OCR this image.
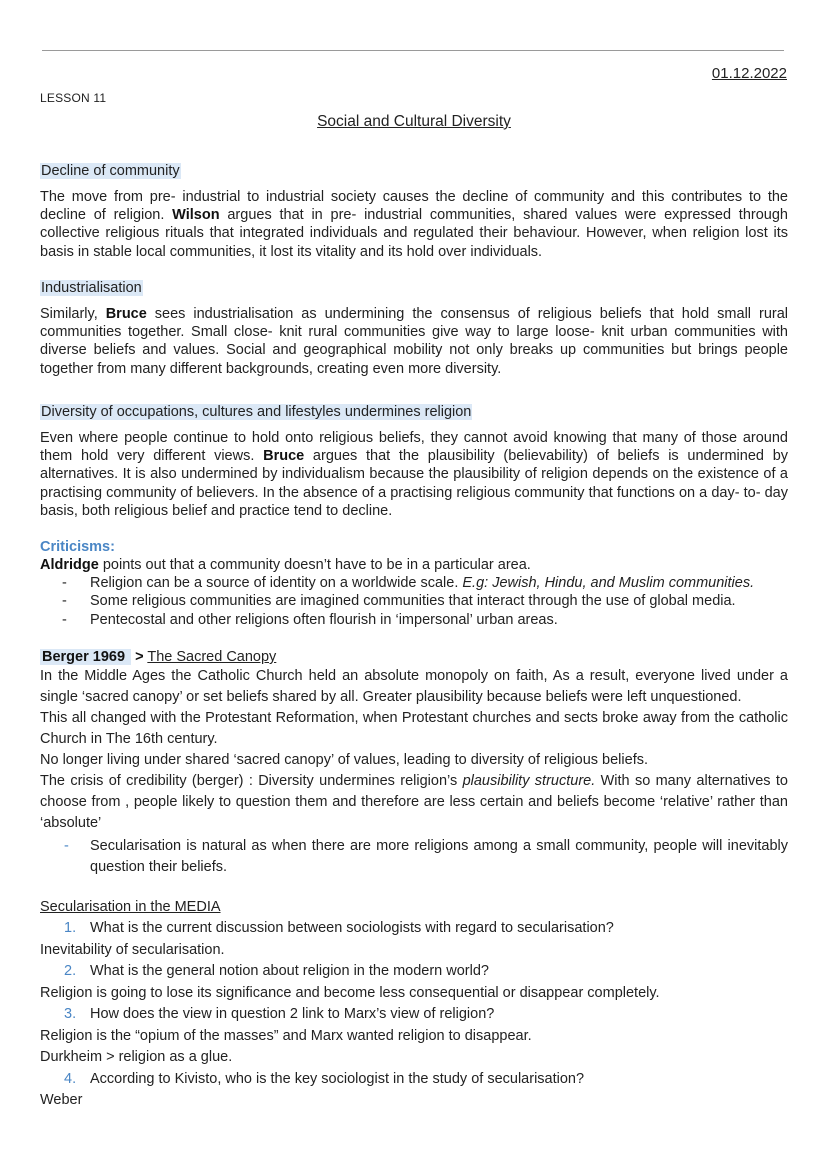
01.12.2022
LESSON 11
Social and Cultural Diversity
Decline of community
The move from pre- industrial to industrial society causes the decline of community and this contributes to the decline of religion. Wilson argues that in pre- industrial communities, shared values were expressed through collective religious rituals that integrated individuals and regulated their behaviour. However, when religion lost its basis in stable local communities, it lost its vitality and its hold over individuals.
Industrialisation
Similarly, Bruce sees industrialisation as undermining the consensus of religious beliefs that hold small rural communities together. Small close- knit rural communities give way to large loose- knit urban communities with diverse beliefs and values. Social and geographical mobility not only breaks up communities but brings people together from many different backgrounds, creating even more diversity.
Diversity of occupations, cultures and lifestyles undermines religion
Even where people continue to hold onto religious beliefs, they cannot avoid knowing that many of those around them hold very different views. Bruce argues that the plausibility (believability) of beliefs is undermined by alternatives. It is also undermined by individualism because the plausibility of religion depends on the existence of a practising community of believers. In the absence of a practising religious community that functions on a day- to- day basis, both religious belief and practice tend to decline.
Criticisms:
Aldridge points out that a community doesn’t have to be in a particular area.
- Religion can be a source of identity on a worldwide scale. E.g: Jewish, Hindu, and Muslim communities.
- Some religious communities are imagined communities that interact through the use of global media.
- Pentecostal and other religions often flourish in ‘impersonal’ urban areas.
Berger 1969 > The Sacred Canopy
In the Middle Ages the Catholic Church held an absolute monopoly on faith, As a result, everyone lived under a single ‘sacred canopy’ or set beliefs shared by all. Greater plausibility because beliefs were left unquestioned.
This all changed with the Protestant Reformation, when Protestant churches and sects broke away from the catholic Church in The 16th century.
No longer living under shared ‘sacred canopy’ of values, leading to diversity of religious beliefs.
The crisis of credibility (berger) : Diversity undermines religion’s plausibility structure. With so many alternatives to choose from , people likely to question them and therefore are less certain and beliefs become ‘relative’ rather than ‘absolute’
- Secularisation is natural as when there are more religions among a small community, people will inevitably question their beliefs.
Secularisation in the MEDIA
1. What is the current discussion between sociologists with regard to secularisation?
Inevitability of secularisation.
2. What is the general notion about religion in the modern world?
Religion is going to lose its significance and become less consequential or disappear completely.
3. How does the view in question 2 link to Marx’s view of religion?
Religion is the “opium of the masses” and Marx wanted religion to disappear.
Durkheim > religion as a glue.
4. According to Kivisto, who is the key sociologist in the study of secularisation?
Weber
